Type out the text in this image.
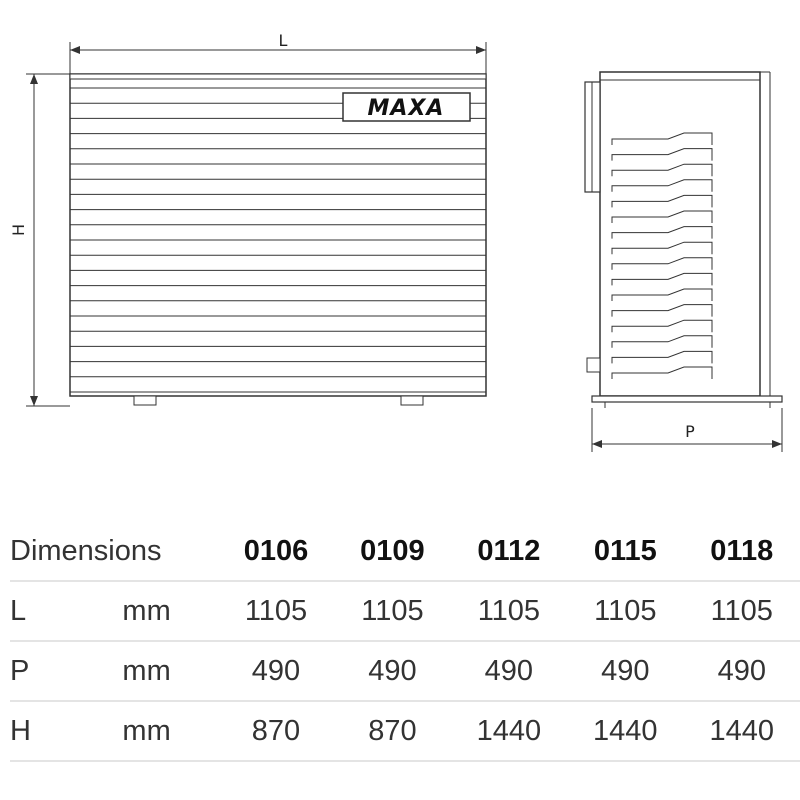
L
H
MAXA
P
Dimensions		0106	0109	0112	0115	0118
L	mm	1105	1105	1105	1105	1105
P	mm	490	490	490	490	490
H	mm	870	870	1440	1440	1440
